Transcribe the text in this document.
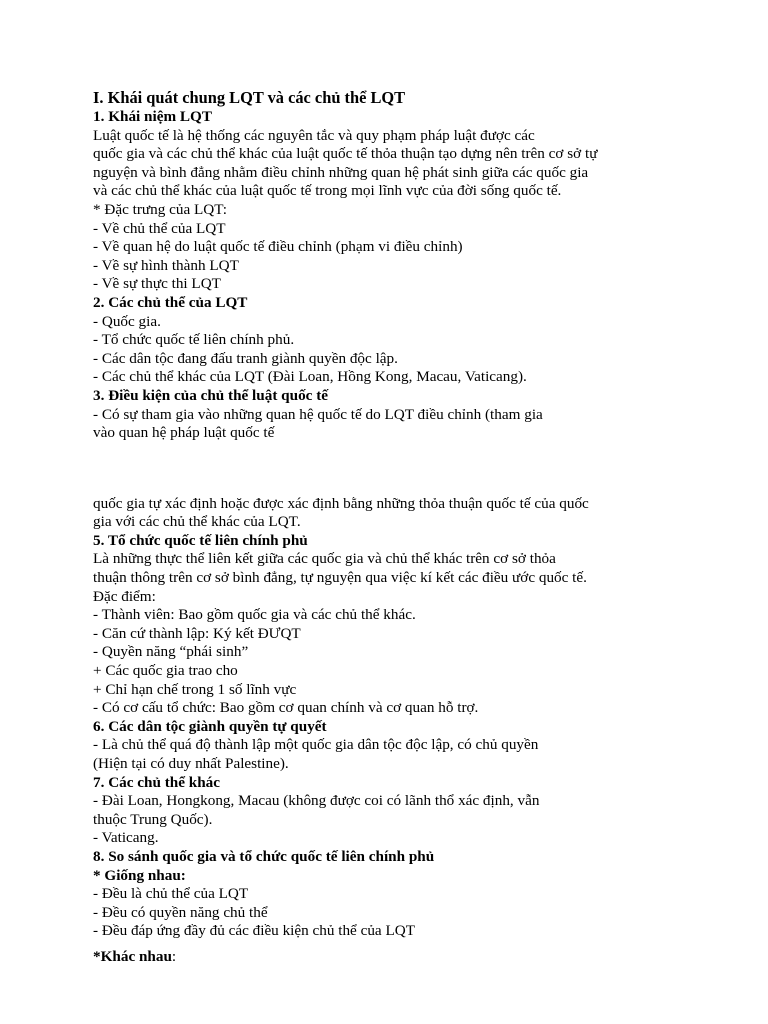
I. Khái quát chung LQT và các chủ thể LQT
1. Khái niệm LQT
Luật quốc tế là hệ thống các nguyên tắc và quy phạm pháp luật được các
quốc gia và các chủ thể khác của luật quốc tế thỏa thuận tạo dựng nên trên cơ sở tự
nguyện và bình đẳng nhằm điều chỉnh những quan hệ phát sinh giữa các quốc gia
và các chủ thể khác của luật quốc tế trong mọi lĩnh vực của đời sống quốc tế.
* Đặc trưng của LQT:
- Về chủ thể của LQT
- Về quan hệ do luật quốc tế điều chỉnh (phạm vi điều chỉnh)
- Về sự hình thành LQT
- Về sự thực thi LQT
2. Các chủ thể của LQT
- Quốc gia.
- Tổ chức quốc tế liên chính phủ.
- Các dân tộc đang đấu tranh giành quyền độc lập.
- Các chủ thể khác của LQT (Đài Loan, Hồng Kong, Macau, Vaticang).
3. Điều kiện của chủ thể luật quốc tế
- Có sự tham gia vào những quan hệ quốc tế do LQT điều chỉnh (tham gia
vào quan hệ pháp luật quốc tế
quốc gia tự xác định hoặc được xác định bằng những thỏa thuận quốc tế của quốc
gia với các chủ thể khác của LQT.
5. Tổ chức quốc tế liên chính phủ
Là những thực thể liên kết giữa các quốc gia và chủ thể khác trên cơ sở thỏa
thuận thông trên cơ sở bình đẳng, tự nguyện qua việc kí kết các điều ước quốc tế.
Đặc điểm:
- Thành viên: Bao gồm quốc gia và các chủ thể khác.
- Căn cứ thành lập: Ký kết ĐƯQT
- Quyền năng “phái sinh”
+ Các quốc gia trao cho
+ Chỉ hạn chế trong 1 số lĩnh vực
- Có cơ cấu tổ chức: Bao gồm cơ quan chính và cơ quan hỗ trợ.
6. Các dân tộc giành quyền tự quyết
- Là chủ thể quá độ thành lập một quốc gia dân tộc độc lập, có chủ quyền
(Hiện tại có duy nhất Palestine).
7. Các chủ thể khác
- Đài Loan, Hongkong, Macau (không được coi có lãnh thổ xác định, vẫn
thuộc Trung Quốc).
- Vaticang.
8. So sánh quốc gia và tổ chức quốc tế liên chính phủ
* Giống nhau:
- Đều là chủ thể của LQT
- Đều có quyền năng chủ thể
- Đều đáp ứng đầy đủ các điều kiện chủ thể của LQT
*Khác nhau:
